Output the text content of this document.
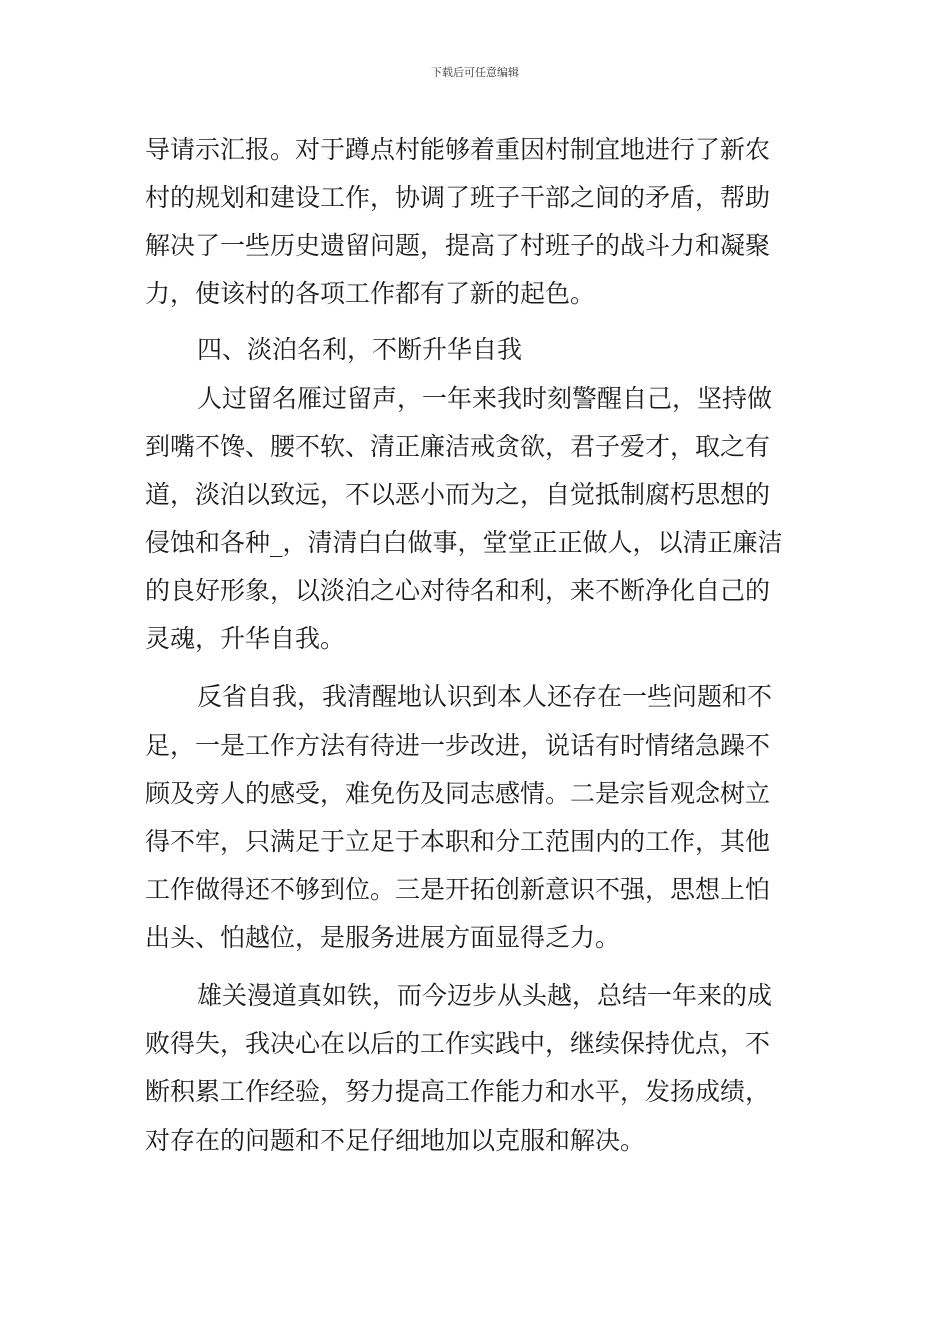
下载后可任意编辑
导请示汇报。对于蹲点村能够着重因村制宜地进行了新农
村的规划和建设工作，协调了班子干部之间的矛盾，帮助
解决了一些历史遗留问题，提高了村班子的战斗力和凝聚
力，使该村的各项工作都有了新的起色。
四、淡泊名利，不断升华自我
人过留名雁过留声，一年来我时刻警醒自己，坚持做
到嘴不馋、腰不软、清正廉洁戒贪欲，君子爱才，取之有
道，淡泊以致远，不以恶小而为之，自觉抵制腐朽思想的
侵蚀和各种_，清清白白做事，堂堂正正做人，以清正廉洁
的良好形象，以淡泊之心对待名和利，来不断净化自己的
灵魂，升华自我。
反省自我，我清醒地认识到本人还存在一些问题和不
足，一是工作方法有待进一步改进，说话有时情绪急躁不
顾及旁人的感受，难免伤及同志感情。二是宗旨观念树立
得不牢，只满足于立足于本职和分工范围内的工作，其他
工作做得还不够到位。三是开拓创新意识不强，思想上怕
出头、怕越位，是服务进展方面显得乏力。
雄关漫道真如铁，而今迈步从头越，总结一年来的成
败得失，我决心在以后的工作实践中，继续保持优点，不
断积累工作经验，努力提高工作能力和水平，发扬成绩，
对存在的问题和不足仔细地加以克服和解决。
